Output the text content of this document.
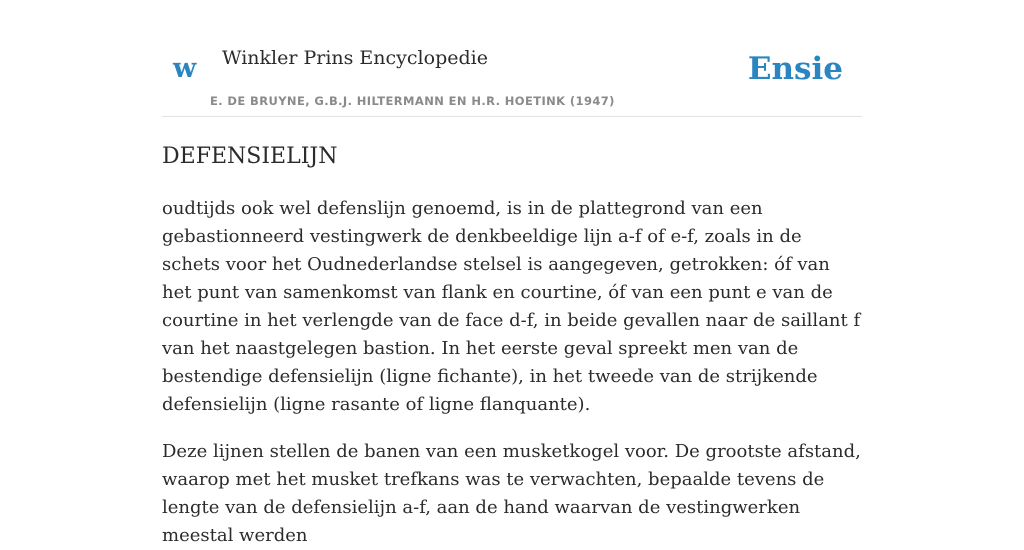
w Winkler Prins Encyclopedie
E. DE BRUYNE, G.B.J. HILTERMANN EN H.R. HOETINK (1947)
Ensie
DEFENSIELIJN

oudtijds ook wel defenslijn genoemd, is in de plattegrond van een gebastionneerd vestingwerk de denkbeeldige lijn a-f of e-f, zoals in de schets voor het Oudnederlandse stelsel is aangegeven, getrokken: óf van het punt van samenkomst van flank en courtine, óf van een punt e van de courtine in het verlengde van de face d-f, in beide gevallen naar de saillant f van het naastgelegen bastion. In het eerste geval spreekt men van de bestendige defensielijn (ligne fichante), in het tweede van de strijkende defensielijn (ligne rasante of ligne flanquante).

Deze lijnen stellen de banen van een musketkogel voor. De grootste afstand, waarop met het musket trefkans was te verwachten, bepaalde tevens de lengte van de defensielijn a-f, aan de hand waarvan de vestingwerken meestal werden
